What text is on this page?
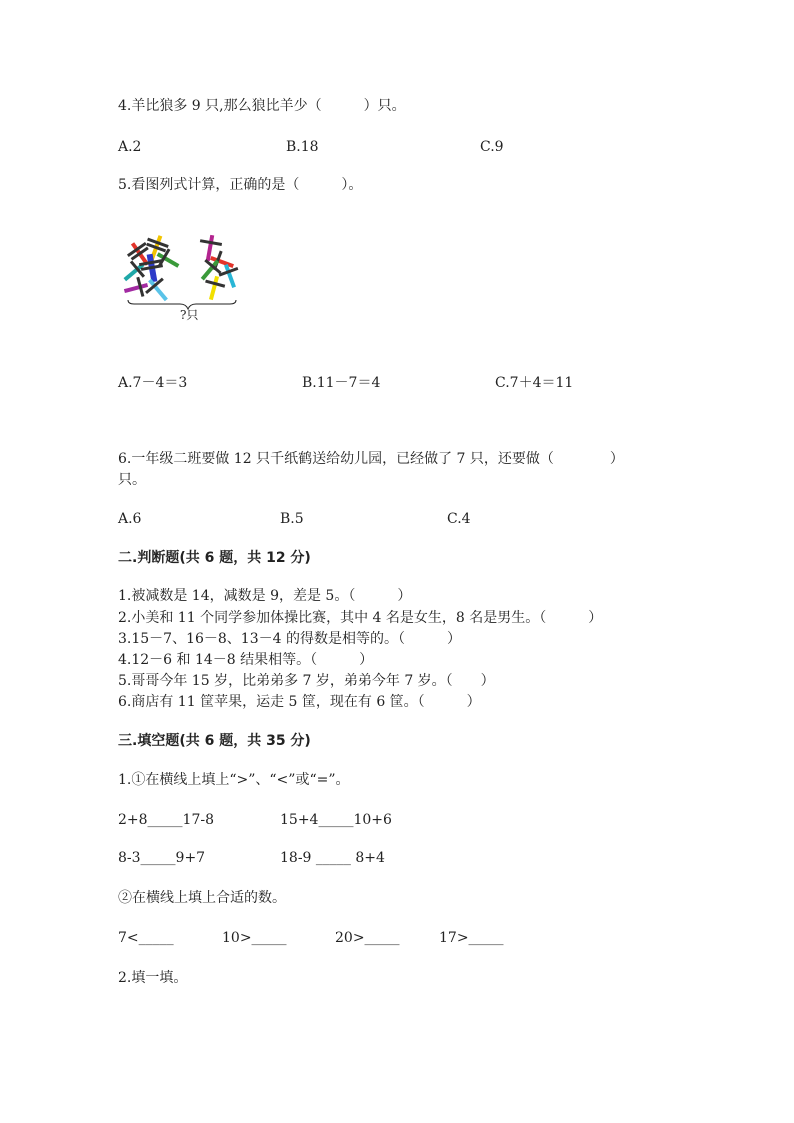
4.羊比狼多 9 只,那么狼比羊少（　　　）只。
A.2	B.18	C.9
5.看图列式计算，正确的是（　　　）。
?只
A.7－4＝3	B.11－7＝4	C.7＋4＝11
6.一年级二班要做 12 只千纸鹤送给幼儿园，已经做了 7 只，还要做（　　　　）
只。
A.6	B.5	C.4
二.判断题(共 6 题，共 12 分)
1.被减数是 14，减数是 9，差是 5。（　　　）
2.小美和 11 个同学参加体操比赛，其中 4 名是女生，8 名是男生。（　　　）
3.15－7、16－8、13－4 的得数是相等的。（　　　）
4.12－6 和 14－8 结果相等。（　　　）
5.哥哥今年 15 岁，比弟弟多 7 岁，弟弟今年 7 岁。（　　）
6.商店有 11 筐苹果，运走 5 筐，现在有 6 筐。（　　　）
三.填空题(共 6 题，共 35 分)
1.①在横线上填上“>”、“<”或“=”。
2+8_____17-8	15+4_____10+6
8-3_____9+7	18-9 _____ 8+4
②在横线上填上合适的数。
7<_____	10>_____	20>_____	17>_____
2.填一填。
